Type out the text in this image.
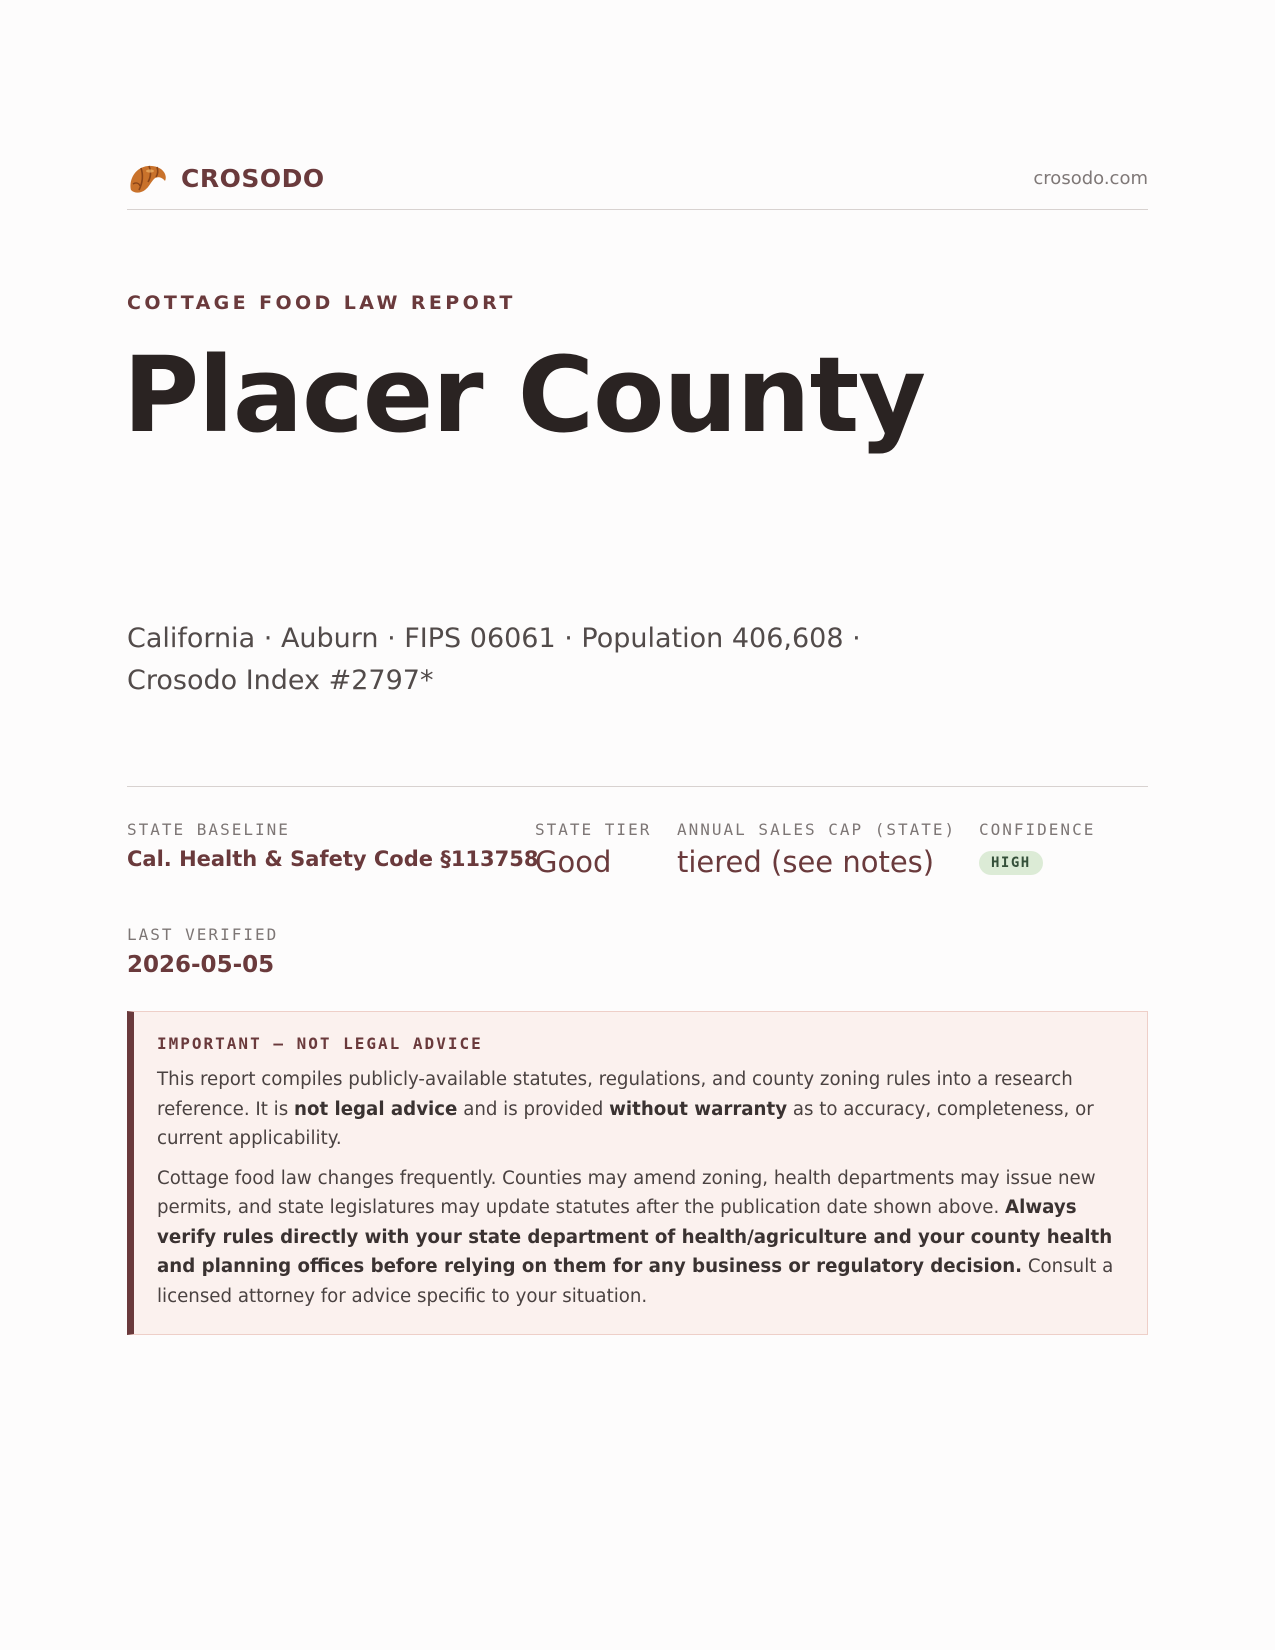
CROSODO	crosodo.com
COTTAGE FOOD LAW REPORT
Placer County
California · Auburn · FIPS 06061 · Population 406,608 ·
Crosodo Index #2797*
STATE BASELINE
Cal. Health & Safety Code §113758
STATE TIER
Good
ANNUAL SALES CAP (STATE)
tiered (see notes)
CONFIDENCE
HIGH
LAST VERIFIED
2026-05-05
IMPORTANT — NOT LEGAL ADVICE

This report compiles publicly-available statutes, regulations, and county zoning rules into a research reference. It is not legal advice and is provided without warranty as to accuracy, completeness, or current applicability.

Cottage food law changes frequently. Counties may amend zoning, health departments may issue new permits, and state legislatures may update statutes after the publication date shown above. Always verify rules directly with your state department of health/agriculture and your county health and planning offices before relying on them for any business or regulatory decision. Consult a licensed attorney for advice specific to your situation.
